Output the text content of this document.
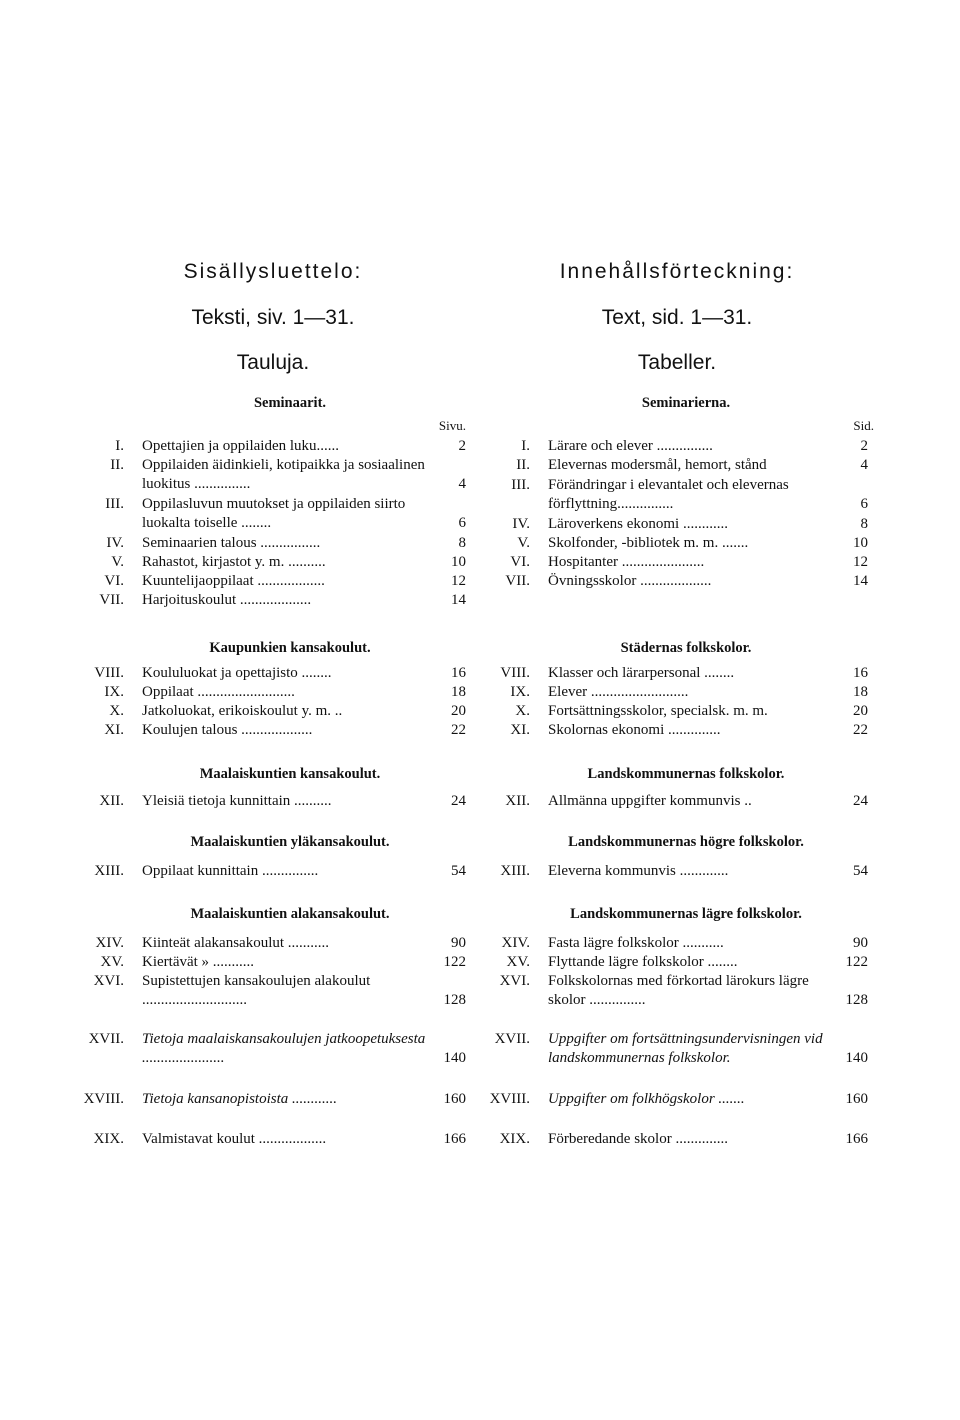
Sisällysluettelo:
Teksti, siv. 1—31.
Tauluja.
Sivu.
Seminaarit.
I. Opettajien ja oppilaiden luku......	2
II. Oppilaiden äidinkieli, kotipaikka ja sosiaalinen luokitus ...............	4
III. Oppilasluvun muutokset ja oppilaiden siirto luokalta toiselle ........	6
IV. Seminaarien talous ................	8
V. Rahastot, kirjastot y. m. ..........	10
VI. Kuuntelijaoppilaat ..................	12
VII. Harjoituskoulut ...................	14
Kaupunkien kansakoulut.
VIII. Koululuokat ja opettajisto ........	16
IX. Oppilaat ..........................	18
X. Jatkoluokat, erikoiskoulut y. m. ..	20
XI. Koulujen talous ...................	22
Maalaiskuntien kansakoulut.
XII. Yleisiä tietoja kunnittain ..........	24
Maalaiskuntien yläkansakoulut.
XIII. Oppilaat kunnittain ...............	54
Maalaiskuntien alakansakoulut.
XIV. Kiinteät alakansakoulut ...........	90
XV. Kiertävät » ...........	122
XVI. Supistettujen kansakoulujen alakoulut ............................	128
XVII. Tietoja maalaiskansakoulujen jatkoopetuksesta ......................	140
XVIII. Tietoja kansanopistoista ............	160
XIX. Valmistavat koulut ..................	166
Innehållsförteckning:
Text, sid. 1—31.
Tabeller.
Sid.
Seminarierna.
I. Lärare och elever ...............	2
II. Elevernas modersmål, hemort, stånd	4
III. Förändringar i elevantalet och elevernas förflyttning...............	6
IV. Läroverkens ekonomi ............	8
V. Skolfonder, -bibliotek m. m. .......	10
VI. Hospitanter ......................	12
VII. Övningsskolor ...................	14
Städernas folkskolor.
VIII. Klasser och lärarpersonal ........	16
IX. Elever ..........................	18
X. Fortsättningsskolor, specialsk. m. m.	20
XI. Skolornas ekonomi ..............	22
Landskommunernas folkskolor.
XII. Allmänna uppgifter kommunvis ..	24
Landskommunernas högre folkskolor.
XIII. Eleverna kommunvis .............	54
Landskommunernas lägre folkskolor.
XIV. Fasta lägre folkskolor ...........	90
XV. Flyttande lägre folkskolor ........	122
XVI. Folkskolornas med förkortad lärokurs lägre skolor ...............	128
XVII. Uppgifter om fortsättningsundervisningen vid landskommunernas folkskolor.	140
XVIII. Uppgifter om folkhögskolor .......	160
XIX. Förberedande skolor ..............	166
